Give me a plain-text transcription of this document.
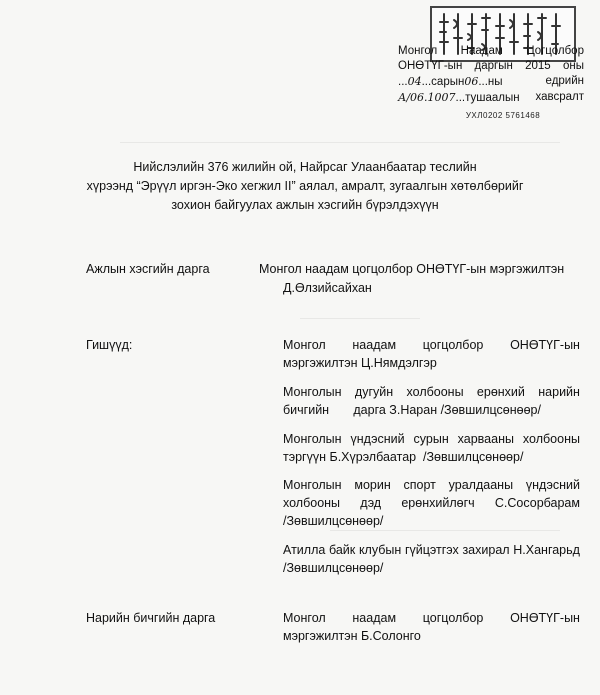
УХЛ0202 5761468
Монгол Наадам Цогцолбор
ОНӨТҮГ-ын даргын 2015 оны
...04...сарын06...ны	едрийн
А/06.1007...тушаалын хавсралт
Нийслэлийн 376 жилийн ой, Найрсаг Улаанбаатар теслийн
хүрээнд “Эрүүл иргэн-Эко хегжил II” аялал, амралт, зугаалгын хөтөлбөрийг
зохион байгуулах ажлын хэсгийн бүрэлдэхүүн
Ажлын хэсгийн дарга	Монгол наадам цогцолбор ОНӨТҮГ-ын мэргэжилтэн
Д.Өлзийсайхан
Гишүүд:	Монгол наадам цогцолбор ОНӨТҮГ-ын
мэргэжилтэн Ц.Нямдэлгэр
Монголын дугуйн холбооны ерөнхий нарийн
бичгийн       дарга З.Наран /Зөвшилцсөнөөр/
Монголын үндэсний сурын харваaны холбооны
тэргүүн Б.Хүрэлбаатар  /Зөвшилцсөнөөр/
Монголын морин спорт уралдааны үндэсний
холбооны дэд ерөнхийлөгч С.Сосорбарам
/Зөвшилцсөнөөр/
Атилла байк клубын гүйцэтгэх захирал Н.Хангарьд
/Зөвшилцсөнөөр/
Нарийн бичгийн дарга	Монгол наадам цогцолбор ОНӨТҮГ-ын
мэргэжилтэн Б.Солонго
